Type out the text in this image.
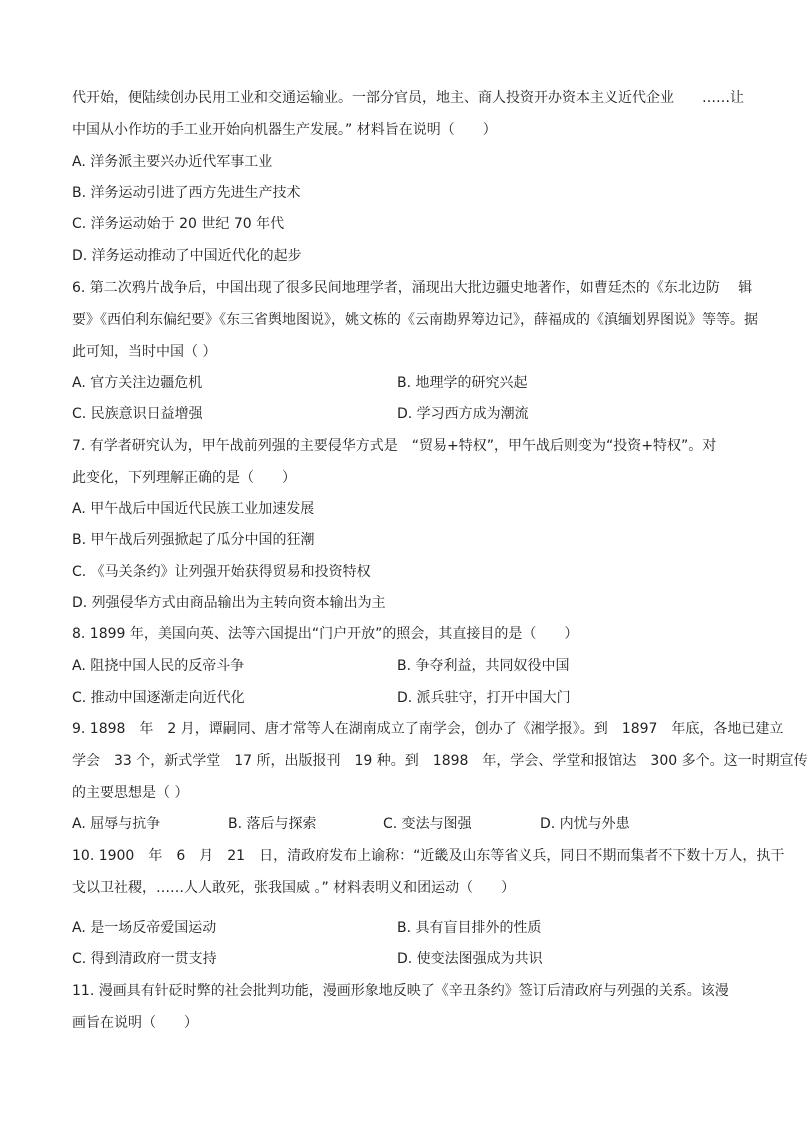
代开始，便陆续创办民用工业和交通运输业。一部分官员，地主、商人投资开办资本主义近代企业　　……让
中国从小作坊的手工业开始向机器生产发展。” 材料旨在说明（　　）
A. 洋务派主要兴办近代军事工业
B. 洋务运动引进了西方先进生产技术
C. 洋务运动始于 20 世纪 70 年代
D. 洋务运动推动了中国近代化的起步
6. 第二次鸦片战争后，中国出现了很多民间地理学者，涌现出大批边疆史地著作，如曹廷杰的《东北边防　 辑
要》《西伯利东偏纪要》《东三省舆地图说》，姚文栋的《云南勘界筹边记》，薛福成的《滇缅划界图说》等等。据
此可知，当时中国（ ）
A. 官方关注边疆危机	B. 地理学的研究兴起
C. 民族意识日益增强	D. 学习西方成为潮流
7. 有学者研究认为，甲午战前列强的主要侵华方式是　“贸易+特权”，甲午战后则变为“投资+特权”。对
此变化，下列理解正确的是（　　）
A. 甲午战后中国近代民族工业加速发展
B. 甲午战后列强掀起了瓜分中国的狂潮
C. 《马关条约》让列强开始获得贸易和投资特权
D. 列强侵华方式由商品输出为主转向资本输出为主
8. 1899 年，美国向英、法等六国提出“门户开放”的照会，其直接目的是（　　）
A. 阻挠中国人民的反帝斗争	B. 争夺利益，共同奴役中国
C. 推动中国逐渐走向近代化	D. 派兵驻守，打开中国大门
9. 1898　年　2 月，谭嗣同、唐才常等人在湖南成立了南学会，创办了《湘学报》。到　1897　年底，各地已建立
学会　33 个，新式学堂　17 所，出版报刊　19 种。到　1898　年，学会、学堂和报馆达　300 多个。这一时期宣传
的主要思想是（ ）
A. 屈辱与抗争	B. 落后与探索	C. 变法与图强	D. 内忧与外患
10. 1900　年　6　月　21　日，清政府发布上谕称：“近畿及山东等省义兵，同日不期而集者不下数十万人，执干
戈以卫社稷，……人人敢死，张我国威 。” 材料表明义和团运动（　　）
A. 是一场反帝爱国运动	B. 具有盲目排外的性质
C. 得到清政府一贯支持	D. 使变法图强成为共识
11. 漫画具有针砭时弊的社会批判功能，漫画形象地反映了《辛丑条约》签订后清政府与列强的关系。该漫
画旨在说明（　　）
